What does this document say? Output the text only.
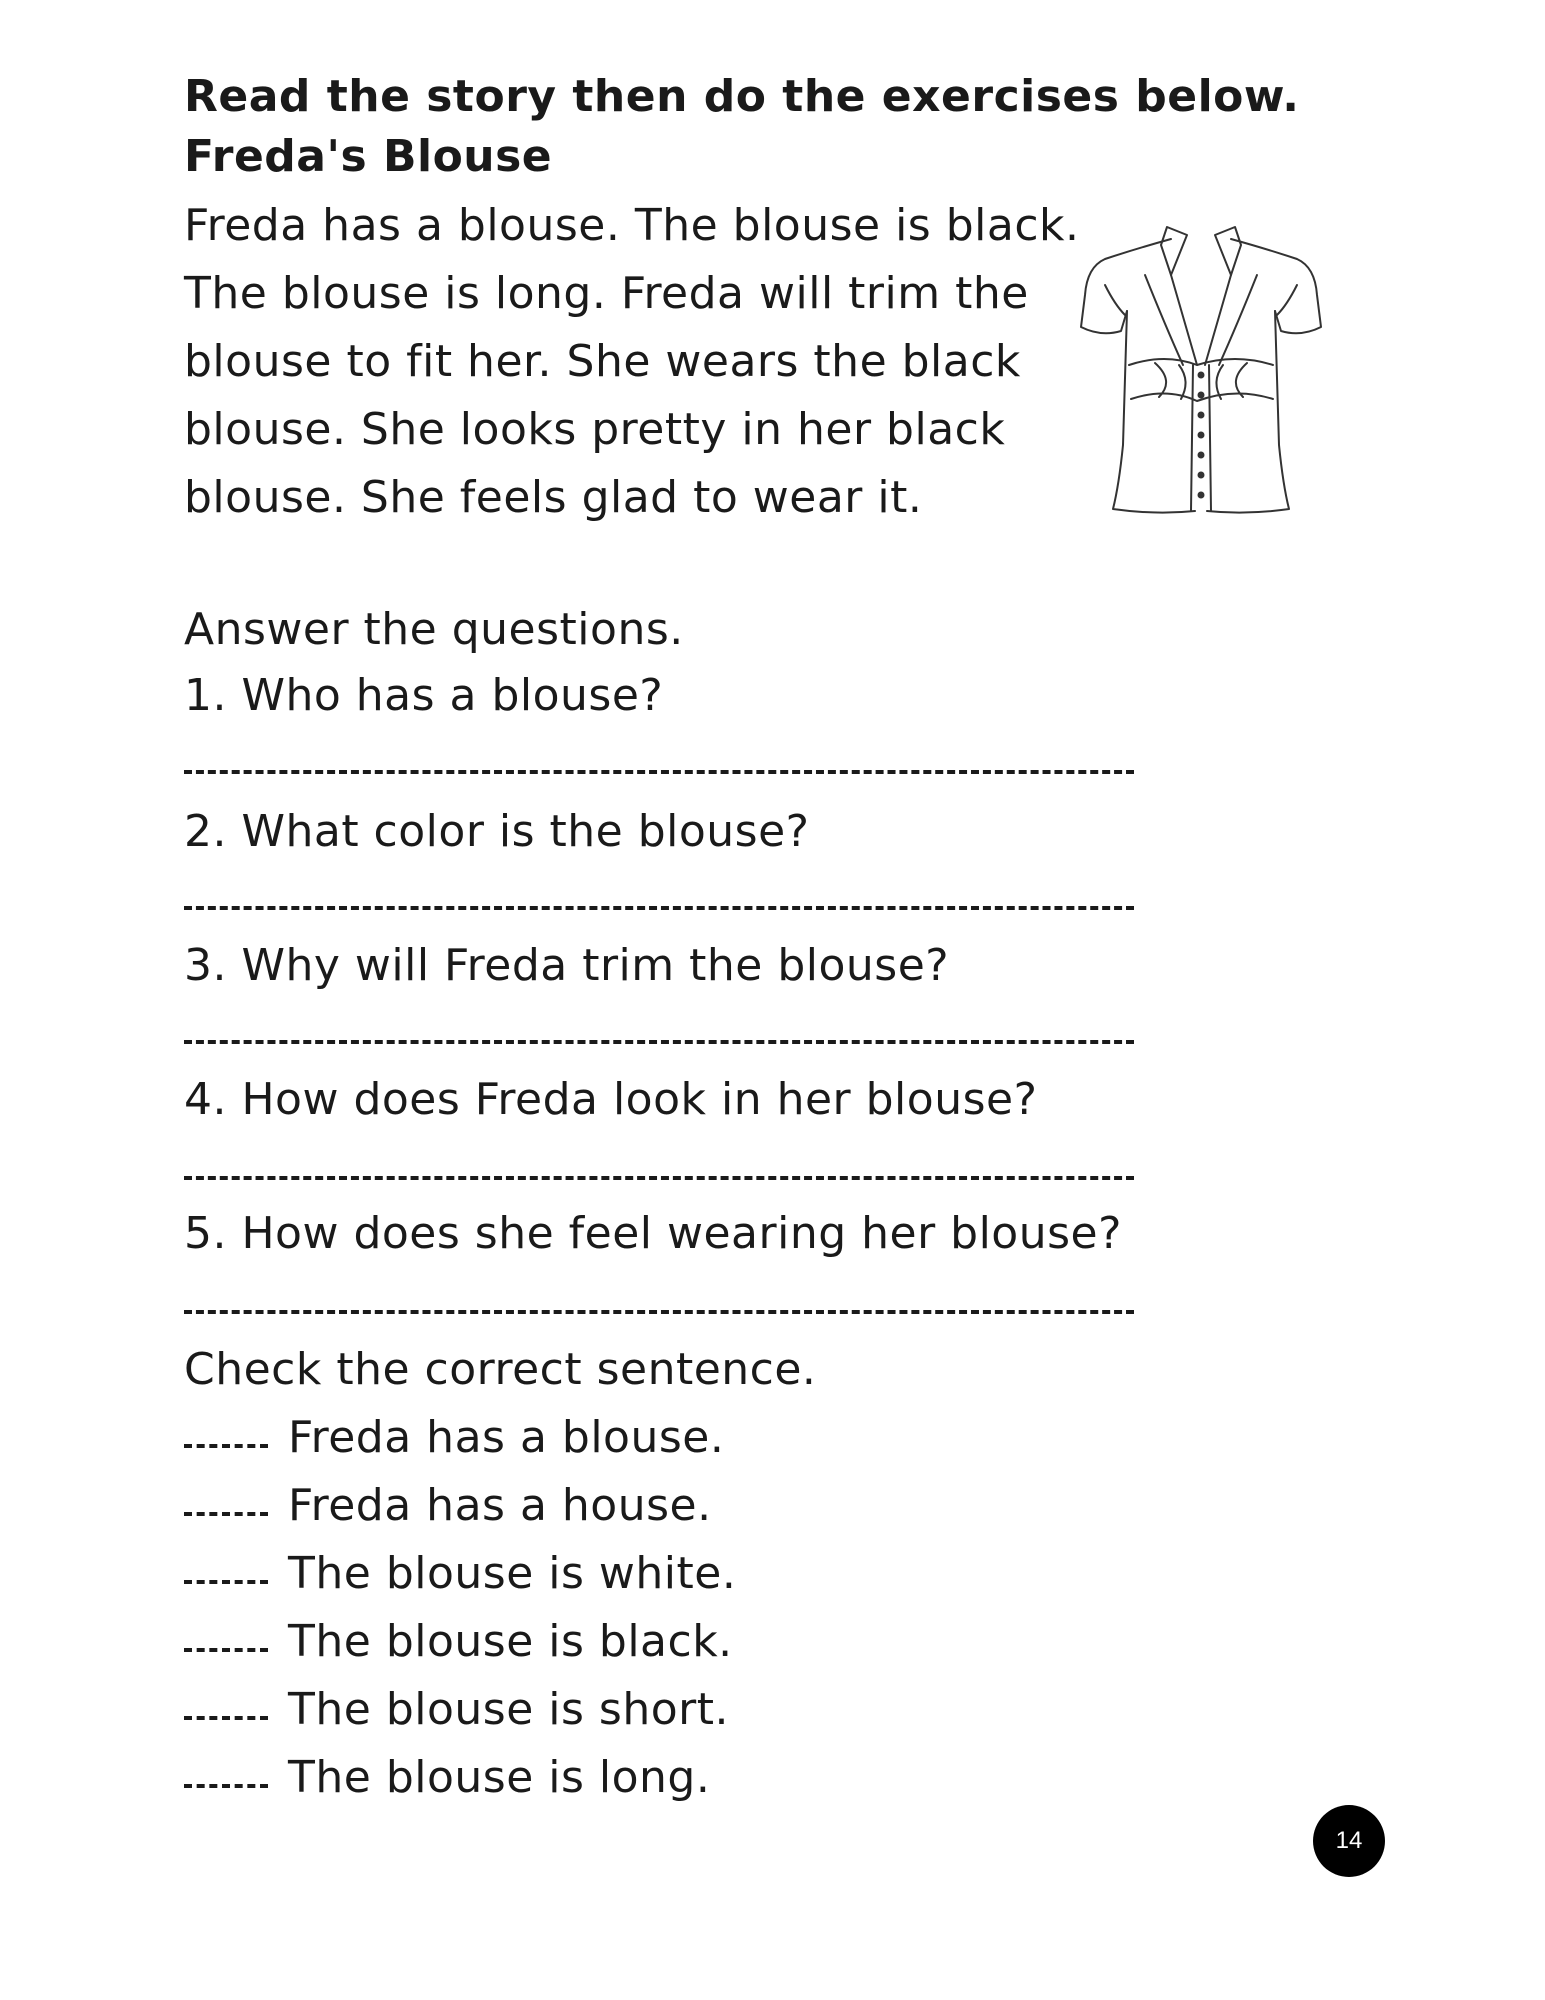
Read the story then do the exercises below.

Freda's Blouse

Freda has a blouse. The blouse is black.

The blouse is long. Freda will trim the

blouse to fit her. She wears the black

blouse. She looks pretty in her black

blouse. She feels glad to wear it.

Answer the questions.

1. Who has a blouse?

2. What color is the blouse?

3. Why will Freda trim the blouse?

4. How does Freda look in her blouse?

5. How does she feel wearing her blouse?

Check the correct sentence.

Freda has a blouse.
Freda has a house.
The blouse is white.
The blouse is black.
The blouse is short.
The blouse is long.
14
